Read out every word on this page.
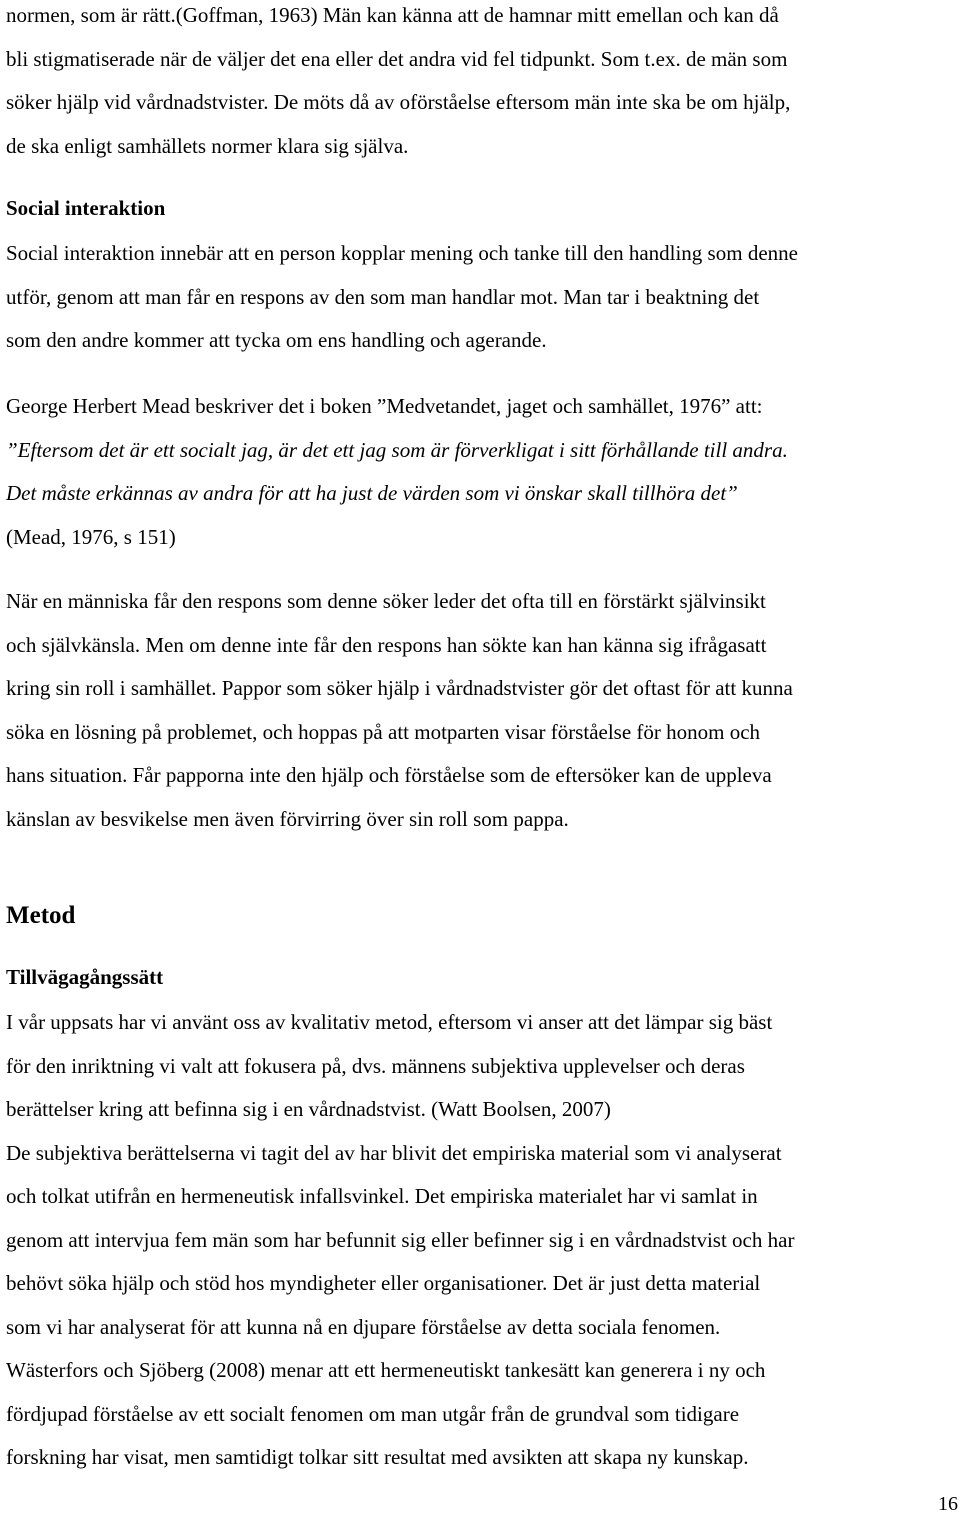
normen, som är rätt.(Goffman, 1963) Män kan känna att de hamnar mitt emellan och kan då
bli stigmatiserade när de väljer det ena eller det andra vid fel tidpunkt. Som t.ex. de män som
söker hjälp vid vårdnadstvister. De möts då av oförståelse eftersom män inte ska be om hjälp,
de ska enligt samhällets normer klara sig själva.
Social interaktion
Social interaktion innebär att en person kopplar mening och tanke till den handling som denne
utför, genom att man får en respons av den som man handlar mot. Man tar i beaktning det
som den andre kommer att tycka om ens handling och agerande.
George Herbert Mead beskriver det i boken ”Medvetandet, jaget och samhället, 1976” att:
”Eftersom det är ett socialt jag, är det ett jag som är förverkligat i sitt förhållande till andra.
Det måste erkännas av andra för att ha just de värden som vi önskar skall tillhöra det”
(Mead, 1976, s 151)
När en människa får den respons som denne söker leder det ofta till en förstärkt självinsikt
och självkänsla. Men om denne inte får den respons han sökte kan han känna sig ifrågasatt
kring sin roll i samhället. Pappor som söker hjälp i vårdnadstvister gör det oftast för att kunna
söka en lösning på problemet, och hoppas på att motparten visar förståelse för honom och
hans situation. Får papporna inte den hjälp och förståelse som de eftersöker kan de uppleva
känslan av besvikelse men även förvirring över sin roll som pappa.
Metod
Tillvägagångssätt
I vår uppsats har vi använt oss av kvalitativ metod, eftersom vi anser att det lämpar sig bäst
för den inriktning vi valt att fokusera på, dvs. männens subjektiva upplevelser och deras
berättelser kring att befinna sig i en vårdnadstvist. (Watt Boolsen, 2007)
De subjektiva berättelserna vi tagit del av har blivit det empiriska material som vi analyserat
och tolkat utifrån en hermeneutisk infallsvinkel. Det empiriska materialet har vi samlat in
genom att intervjua fem män som har befunnit sig eller befinner sig i en vårdnadstvist och har
behövt söka hjälp och stöd hos myndigheter eller organisationer. Det är just detta material
som vi har analyserat för att kunna nå en djupare förståelse av detta sociala fenomen.
Wästerfors och Sjöberg (2008) menar att ett hermeneutiskt tankesätt kan generera i ny och
fördjupad förståelse av ett socialt fenomen om man utgår från de grundval som tidigare
forskning har visat, men samtidigt tolkar sitt resultat med avsikten att skapa ny kunskap.
16
